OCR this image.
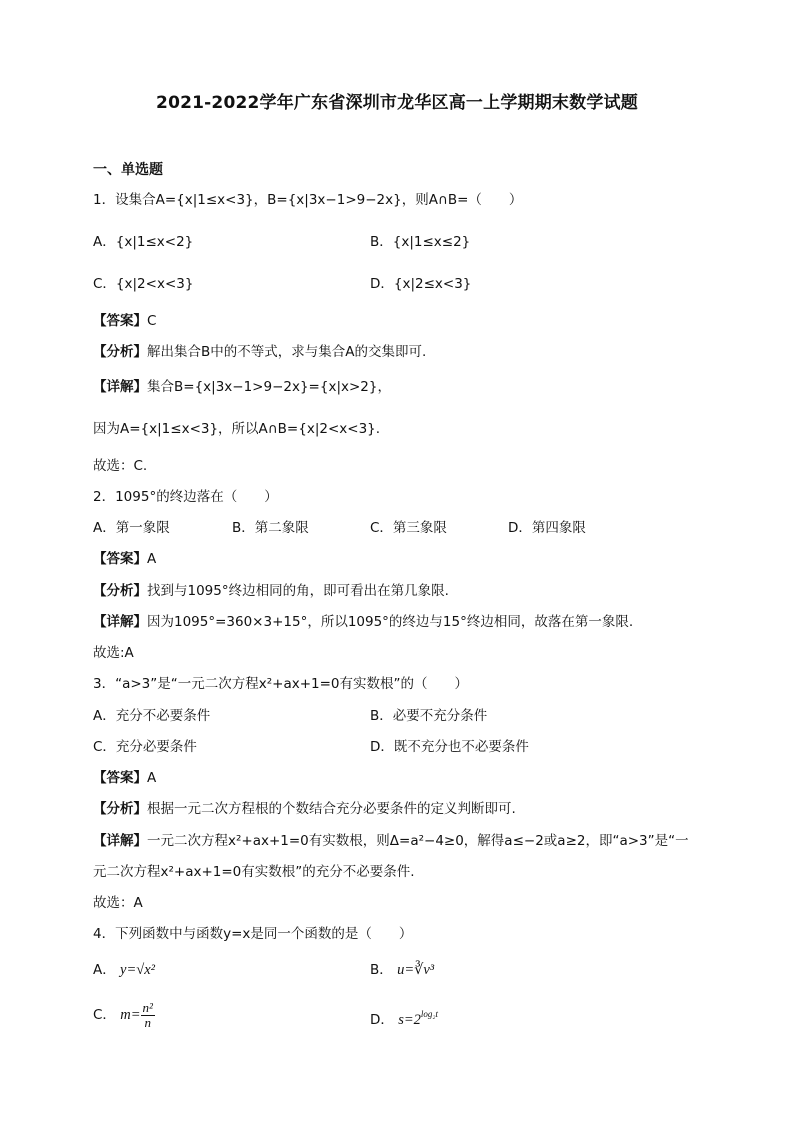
2021-2022学年广东省深圳市龙华区高一上学期期末数学试题
一、单选题
1．设集合A={x|1≤x<3}，B={x|3x−1>9−2x}，则A∩B=（　　）
A．{x|1≤x<2}	B．{x|1≤x≤2}
C．{x|2<x<3}	D．{x|2≤x<3}
【答案】C
【分析】解出集合B中的不等式，求与集合A的交集即可.
【详解】集合B={x|3x−1>9−2x}={x|x>2}，
因为A={x|1≤x<3}，所以A∩B={x|2<x<3}.
故选：C.
2．1095°的终边落在（　　）
A．第一象限	B．第二象限	C．第三象限	D．第四象限
【答案】A
【分析】找到与1095°终边相同的角，即可看出在第几象限.
【详解】因为1095°=360×3+15°，所以1095°的终边与15°终边相同，故落在第一象限.
故选:A
3．“a>3”是“一元二次方程x²+ax+1=0有实数根”的（　　）
A．充分不必要条件	B．必要不充分条件
C．充分必要条件	D．既不充分也不必要条件
【答案】A
【分析】根据一元二次方程根的个数结合充分必要条件的定义判断即可.
【详解】一元二次方程x²+ax+1=0有实数根，则Δ=a²−4≥0，解得a≤−2或a≥2，即“a>3”是“一
元二次方程x²+ax+1=0有实数根”的充分不必要条件.
故选：A
4．下列函数中与函数y=x是同一个函数的是（　　）
A． y=√x²	B． u=∛v³
C． $m= \frac{\text{n²}}{n}$	D． $s=2^{log_2t}$
